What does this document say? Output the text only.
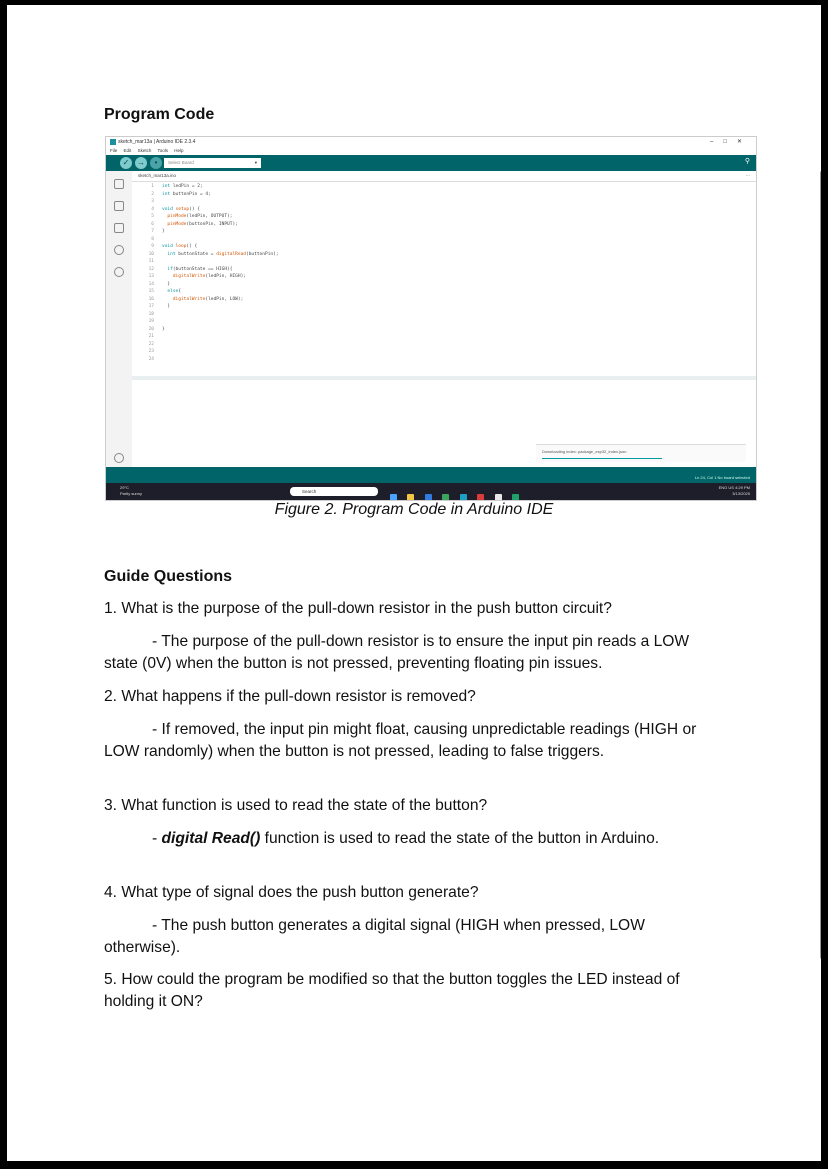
Program Code
sketch_mar13a | Arduino IDE 2.3.4	–□✕
File Edit Sketch Tools Help
✓ →	•	Select Board	▾	⚲
sketch_mar13a.ino	···
1 int ledPin = 2;
2 int buttonPin = 4;
3
4 void setup() {
5	pinMode(ledPin, OUTPUT);
6	pinMode(buttonPin, INPUT);
7 }
8
9 void loop() {
10	int buttonState = digitalRead(buttonPin);
11
12	if(buttonState == HIGH){
13	digitalWrite(ledPin, HIGH);
14  }
15	else{
16	digitalWrite(ledPin, LOW);
17  }
18
19
20 }
21
22
23
24
Downloading index: package_esp32_index.json
Ln 24, Col 1 No board selected
29°C
Partly sunny	Search

ENG US 4:29 PM
3/13/2025
Figure 2. Program Code in Arduino IDE
Guide Questions

1. What is the purpose of the pull-down resistor in the push button circuit?

- The purpose of the pull-down resistor is to ensure the input pin reads a LOW state (0V) when the button is not pressed, preventing floating pin issues.

2. What happens if the pull-down resistor is removed?

- If removed, the input pin might float, causing unpredictable readings (HIGH or LOW randomly) when the button is not pressed, leading to false triggers.

3. What function is used to read the state of the button?

- digital Read() function is used to read the state of the button in Arduino.

4. What type of signal does the push button generate?

- The push button generates a digital signal (HIGH when pressed, LOW otherwise).

5. How could the program be modified so that the button toggles the LED instead of holding it ON?
